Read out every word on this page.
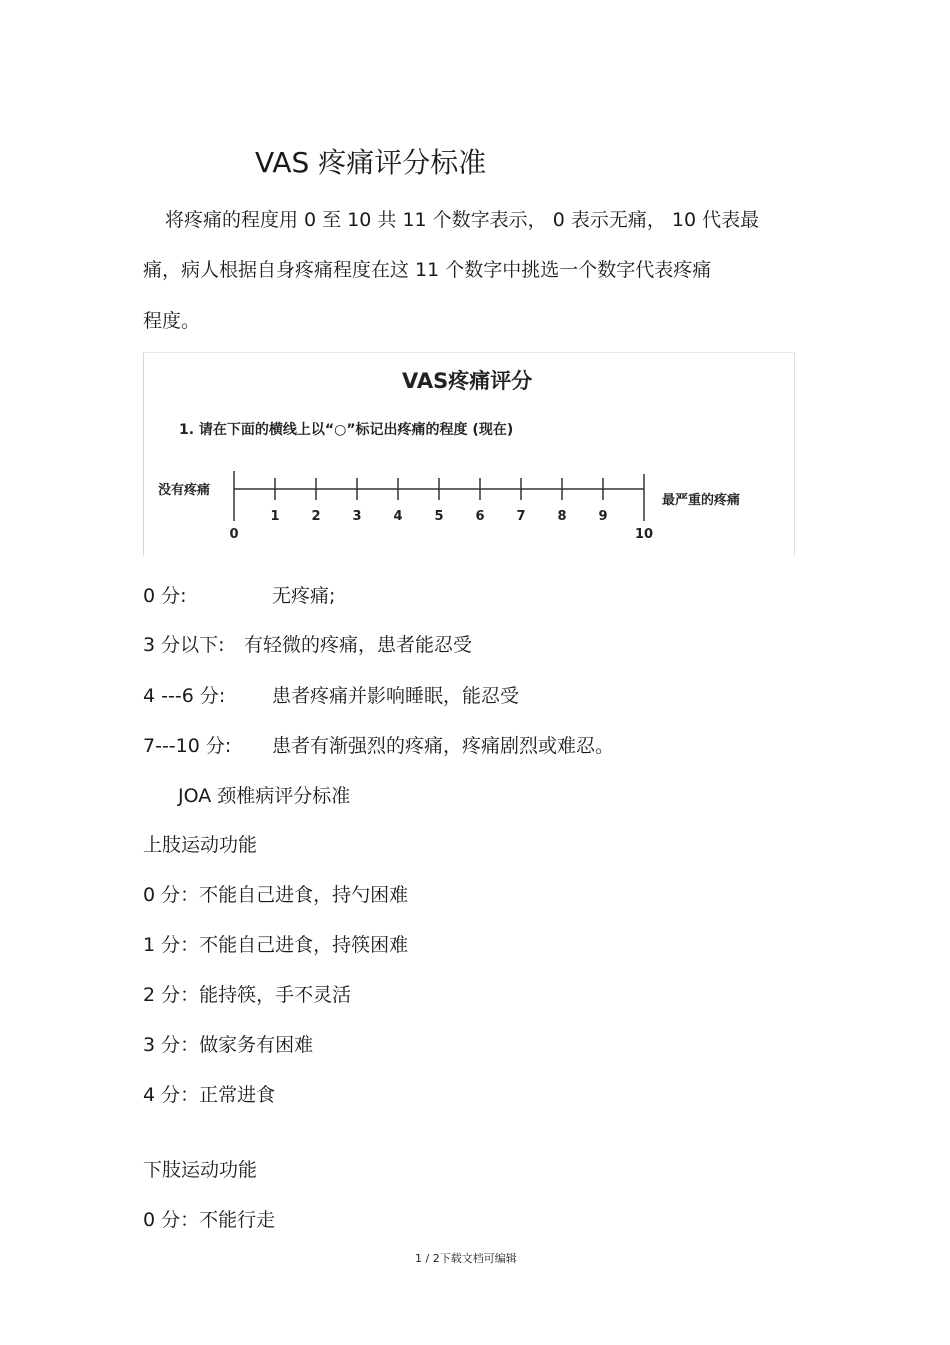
VAS 疼痛评分标准
将疼痛的程度用 0 至 10 共 11 个数字表示， 0 表示无痛， 10 代表最
痛，病人根据自身疼痛程度在这 11 个数字中挑选一个数字代表疼痛
程度。
VAS疼痛评分
1. 请在下面的横线上以“○”标记出疼痛的程度 (现在)
没有疼痛
最严重的疼痛
0
1 2 3 4 5 6 7 8 9
10
0 分:	无疼痛;
3 分以下: 有轻微的疼痛，患者能忍受
4 ---6 分: 患者疼痛并影响睡眠，能忍受
7---10 分: 患者有渐强烈的疼痛，疼痛剧烈或难忍。
JOA 颈椎病评分标准
上肢运动功能
0 分：不能自己进食，持勺困难
1 分：不能自己进食，持筷困难
2 分：能持筷，手不灵活
3 分：做家务有困难
4 分：正常进食
下肢运动功能
0 分：不能行走
1 / 2下载文档可编辑
